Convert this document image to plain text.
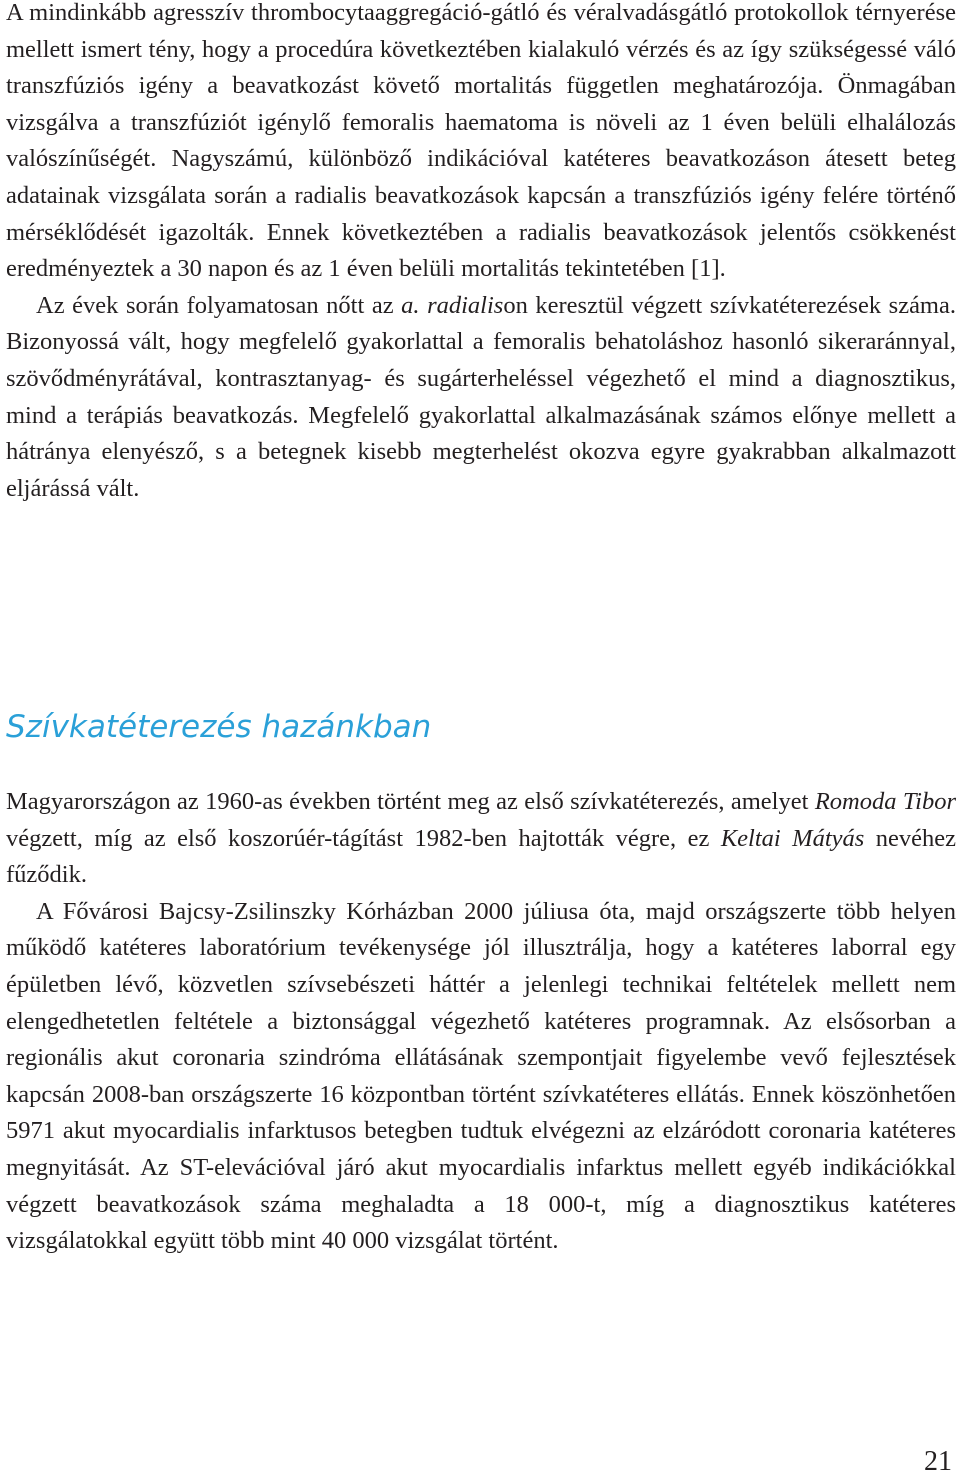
A mindinkább agresszív thrombocytaaggregáció-gátló és véralvadásgátló protokollok térnyerése mellett ismert tény, hogy a procedúra következtében kialakuló vérzés és az így szükségessé váló transzfúziós igény a beavatkozást követő mortalitás független meghatározója. Önmagában vizsgálva a transzfúziót igénylő femoralis haematoma is növeli az 1 éven belüli elhalálozás valószínűségét. Nagyszámú, különböző indikációval katéteres beavatkozáson átesett beteg adatainak vizsgálata során a radialis beavatkozások kapcsán a transzfúziós igény felére történő mérséklődését igazolták. Ennek következtében a radialis beavatkozások jelentős csökkenést eredményeztek a 30 napon és az 1 éven belüli mortalitás tekintetében [1].

Az évek során folyamatosan nőtt az a. radialison keresztül végzett szívkatéterezések száma. Bizonyossá vált, hogy megfelelő gyakorlattal a femoralis behatoláshoz hasonló sikeraránnyal, szövődményrátával, kontrasztanyag- és sugárterheléssel végezhető el mind a diagnosztikus, mind a terápiás beavatkozás. Megfelelő gyakorlattal alkalmazásának számos előnye mellett a hátránya elenyésző, s a betegnek kisebb megterhelést okozva egyre gyakrabban alkalmazott eljárássá vált.

Szívkatéterezés hazánkban

Magyarországon az 1960-as években történt meg az első szívkatéterezés, amelyet Romoda Tibor végzett, míg az első koszorúér-tágítást 1982-ben hajtották végre, ez Keltai Mátyás nevéhez fűződik.

A Fővárosi Bajcsy-Zsilinszky Kórházban 2000 júliusa óta, majd országszerte több helyen működő katéteres laboratórium tevékenysége jól illusztrálja, hogy a katéteres laborral egy épületben lévő, közvetlen szívsebészeti háttér a jelenlegi technikai feltételek mellett nem elengedhetetlen feltétele a biztonsággal végezhető katéteres programnak. Az elsősorban a regionális akut coronaria szindróma ellátásának szempontjait figyelembe vevő fejlesztések kapcsán 2008-ban országszerte 16 központban történt szívkatéteres ellátás. Ennek köszönhetően 5971 akut myocardialis infarktusos betegben tudtuk elvégezni az elzáródott coronaria katéteres megnyitását. Az ST-elevációval járó akut myocardialis infarktus mellett egyéb indikációkkal végzett beavatkozások száma meghaladta a 18 000-t, míg a diagnosztikus katéteres vizsgálatokkal együtt több mint 40 000 vizsgálat történt.

21
